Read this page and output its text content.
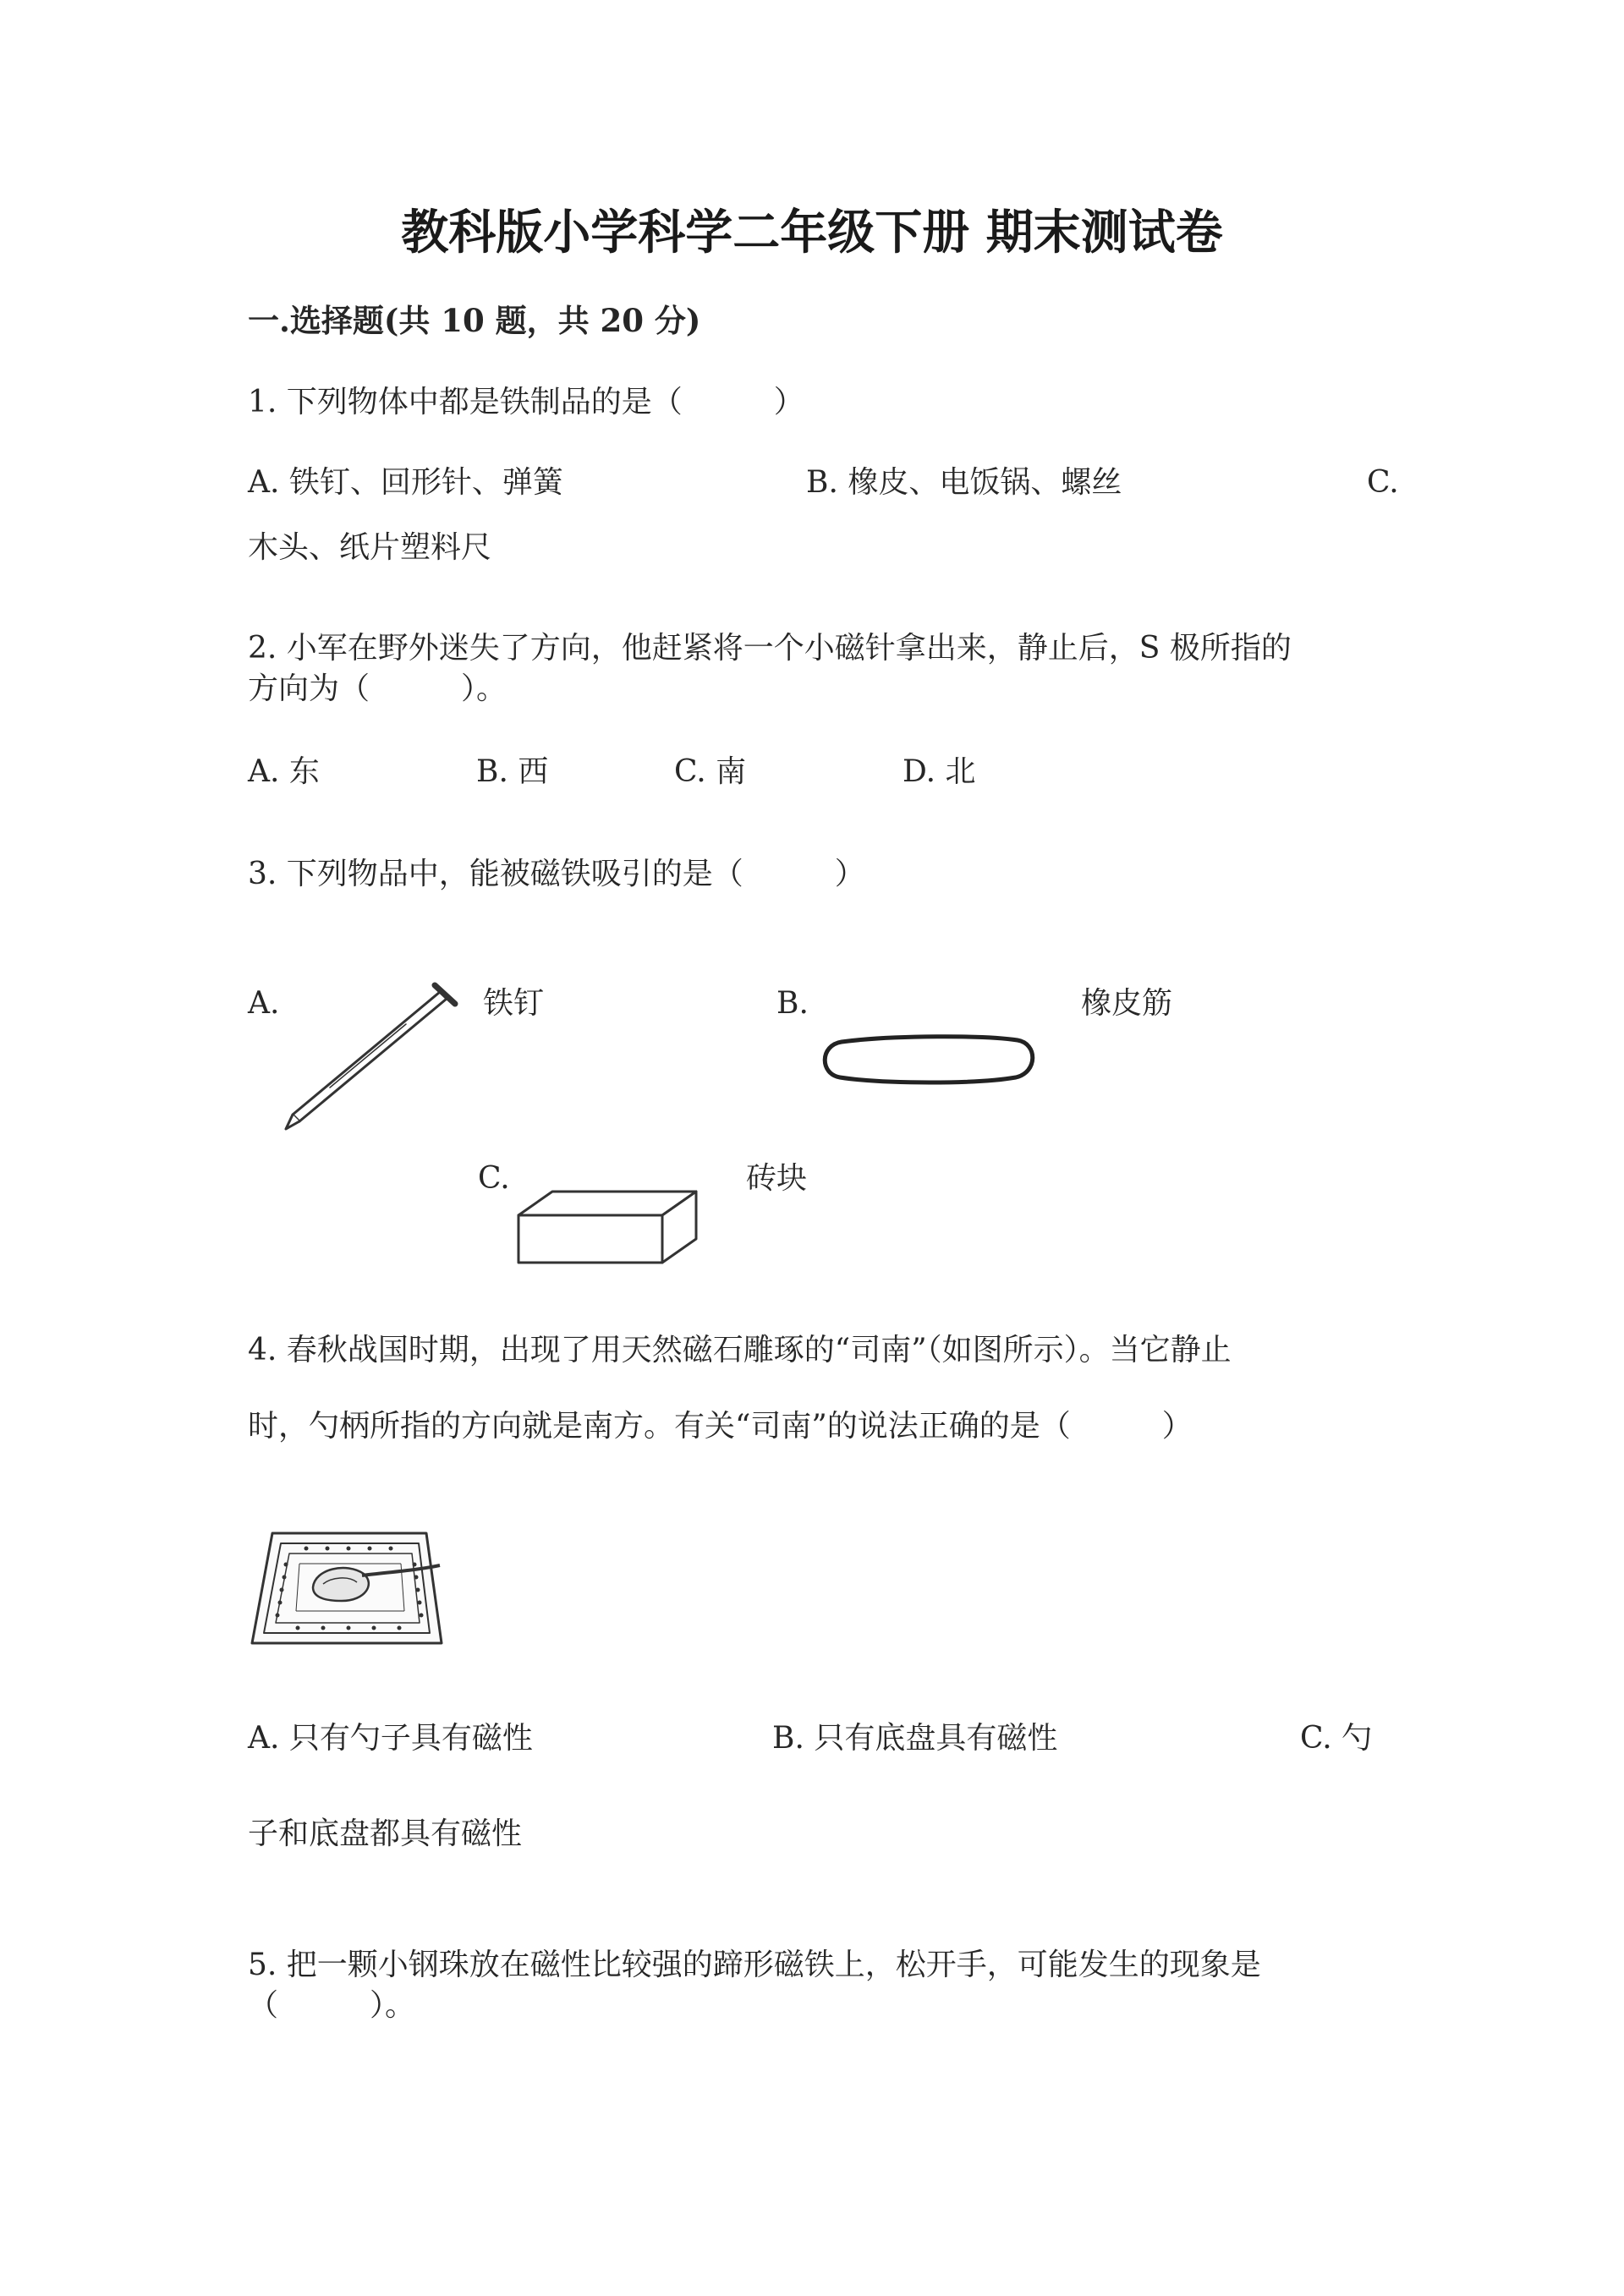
教科版小学科学二年级下册 期末测试卷
一.选择题(共 10 题，共 20 分)
1. 下列物体中都是铁制品的是（　　　）
A. 铁钉、回形针、弹簧	B. 橡皮、电饭锅、螺丝	C.
木头、纸片塑料尺
2. 小军在野外迷失了方向，他赶紧将一个小磁针拿出来，静止后，S 极所指的
方向为（　　　）。
A. 东	B. 西	C. 南	D. 北
3. 下列物品中，能被磁铁吸引的是（　　　）
A.	铁钉	B.	橡皮筋
C.	砖块
4. 春秋战国时期，出现了用天然磁石雕琢的“司南”（如图所示）。当它静止
时，勺柄所指的方向就是南方。有关“司南”的说法正确的是（　　　）
A. 只有勺子具有磁性	B. 只有底盘具有磁性	C. 勺
子和底盘都具有磁性
5. 把一颗小钢珠放在磁性比较强的蹄形磁铁上，松开手，可能发生的现象是
（　　　）。
